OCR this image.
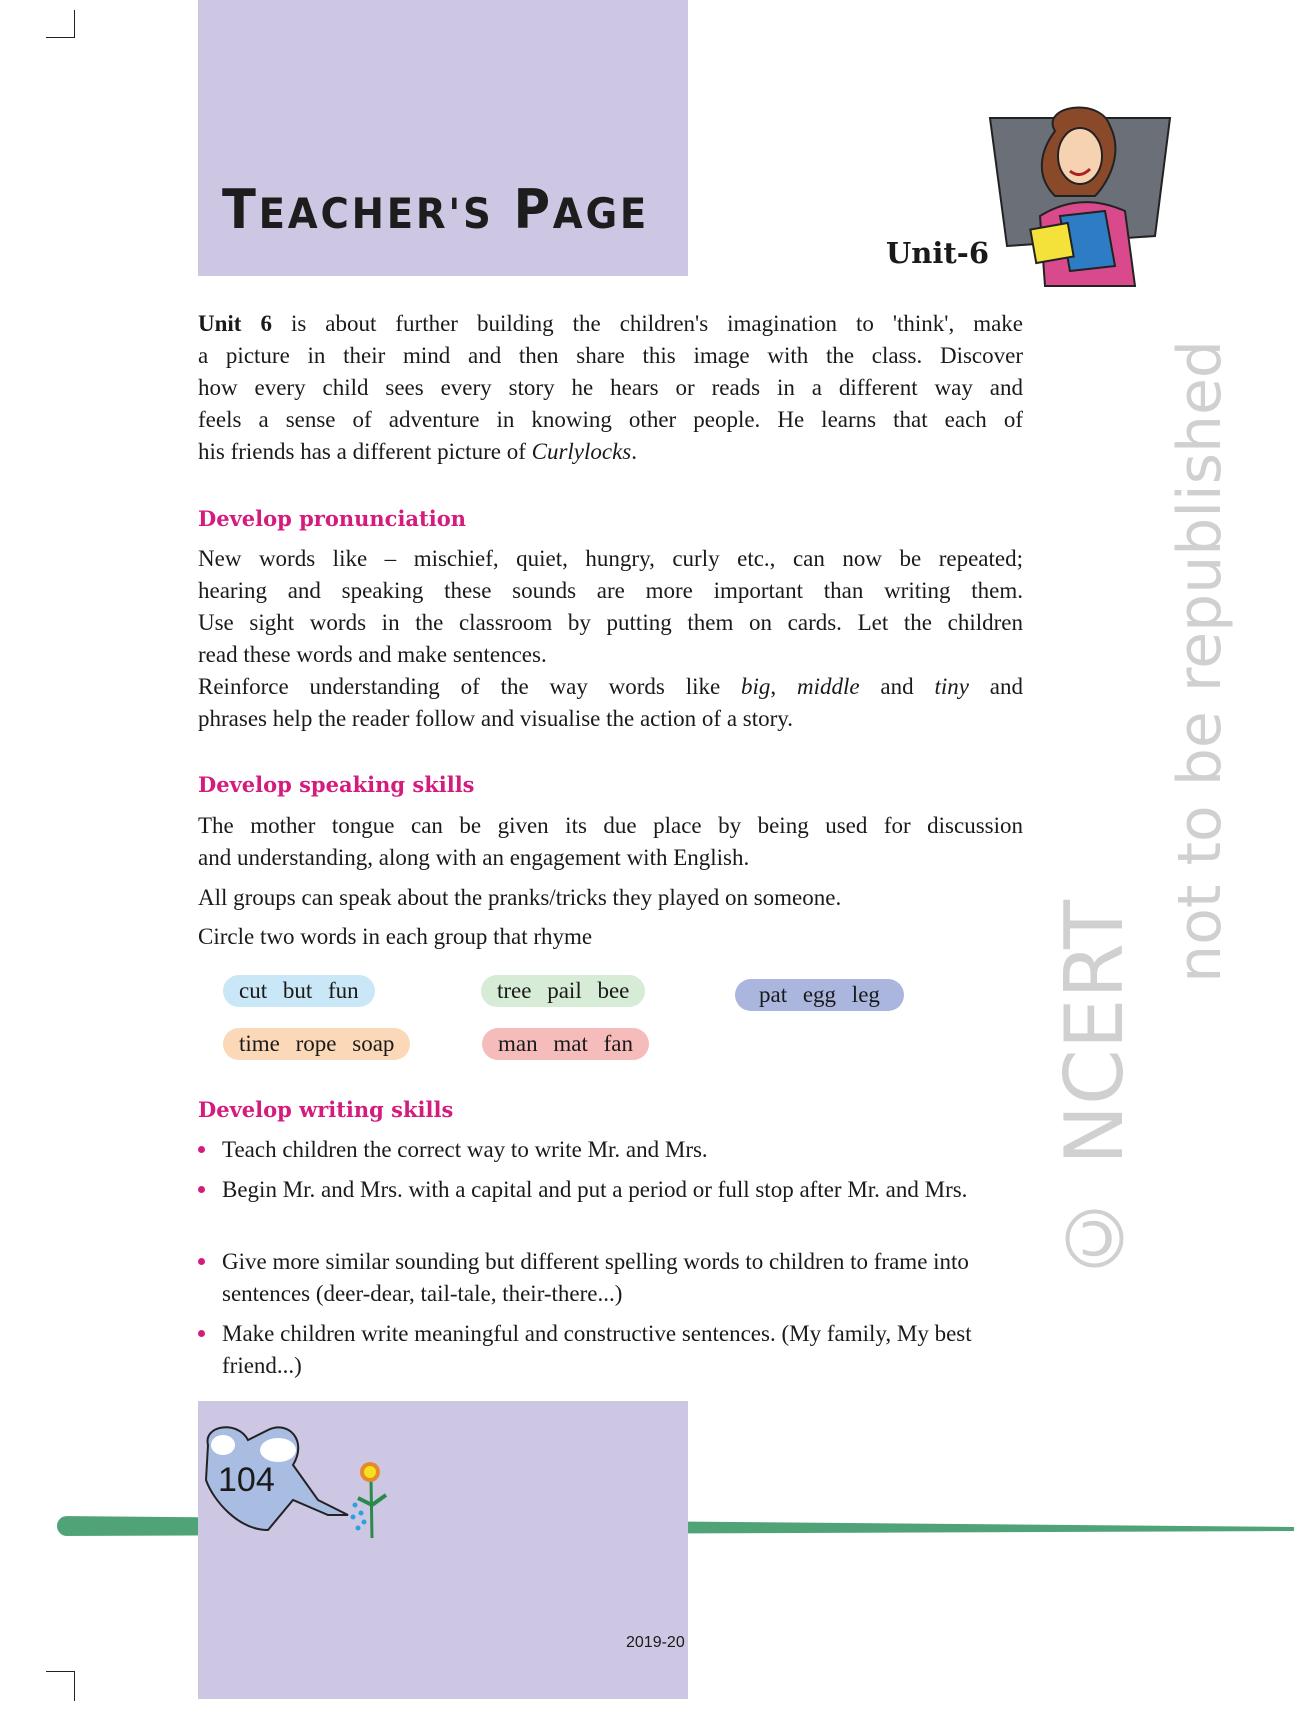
TEACHER'S PAGE
Unit-6
Unit 6 is about further building the children's imagination to 'think', make
a picture in their mind and then share this image with the class. Discover
how every child sees every story he hears or reads in a different way and
feels a sense of adventure in knowing other people. He learns that each of
his friends has a different picture of Curlylocks.
Develop pronunciation
New words like – mischief, quiet, hungry, curly etc., can now be repeated;
hearing and speaking these sounds are more important than writing them.
Use sight words in the classroom by putting them on cards. Let the children
read these words and make sentences.
Reinforce understanding of the way words like big, middle and tiny and
phrases help the reader follow and visualise the action of a story.
Develop speaking skills
The mother tongue can be given its due place by being used for discussion
and understanding, along with an engagement with English.
All groups can speak about the pranks/tricks they played on someone.
Circle two words in each group that rhyme
cut but fun	tree pail bee	pat egg leg
time rope soap	man mat fan
Develop writing skills
Teach children the correct way to write Mr. and Mrs.
Begin Mr. and Mrs. with a capital and put a period or full stop after Mr. and Mrs.
Give more similar sounding but different spelling words to children to frame into sentences (deer-dear, tail-tale, their-there...)
Make children write meaningful and constructive sentences. (My family, My best friend...)
104
2019-20
© NCERT
not to be republished
